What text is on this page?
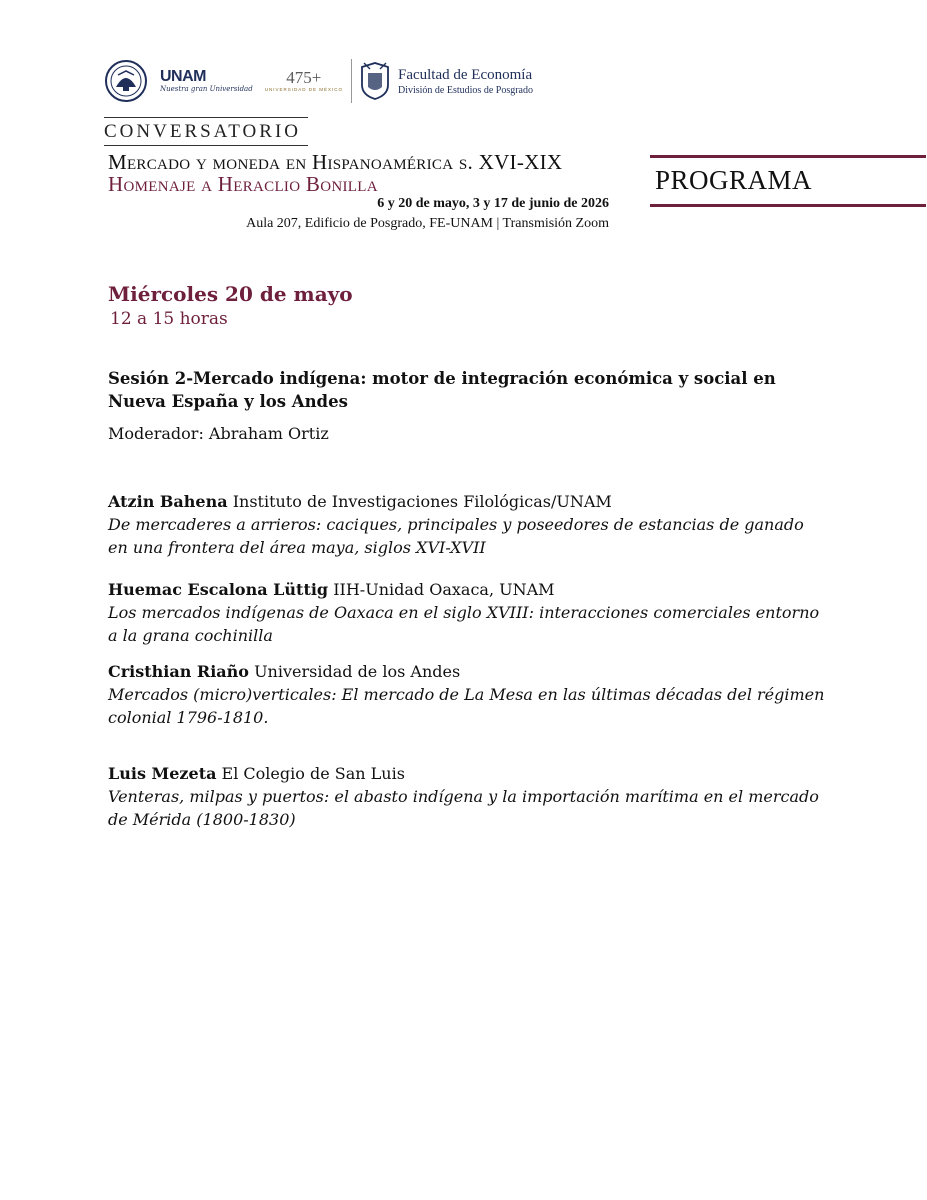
UNAM
Nuestra gran Universidad
475+
UNIVERSIDAD DE MÉXICO
Facultad de Economía
División de Estudios de Posgrado
CONVERSATORIO
Mercado y moneda en Hispanoamérica s. XVI-XIX
Homenaje a Heraclio Bonilla
6 y 20 de mayo, 3 y 17 de junio de 2026
Aula 207, Edificio de Posgrado, FE-UNAM | Transmisión Zoom
PROGRAMA
Miércoles 20 de mayo
12 a 15 horas
Sesión 2-Mercado indígena: motor de integración económica y social en Nueva España y los Andes
Moderador: Abraham Ortiz
Atzin Bahena Instituto de Investigaciones Filológicas/UNAM
De mercaderes a arrieros: caciques, principales y poseedores de estancias de ganado en una frontera del área maya, siglos XVI-XVII
Huemac Escalona Lüttig IIH-Unidad Oaxaca, UNAM
Los mercados indígenas de Oaxaca en el siglo XVIII: interacciones comerciales entorno a la grana cochinilla
Cristhian Riaño Universidad de los Andes
Mercados (micro)verticales: El mercado de La Mesa en las últimas décadas del régimen colonial 1796-1810.
Luis Mezeta El Colegio de San Luis
Venteras, milpas y puertos: el abasto indígena y la importación marítima en el mercado de Mérida (1800-1830)
